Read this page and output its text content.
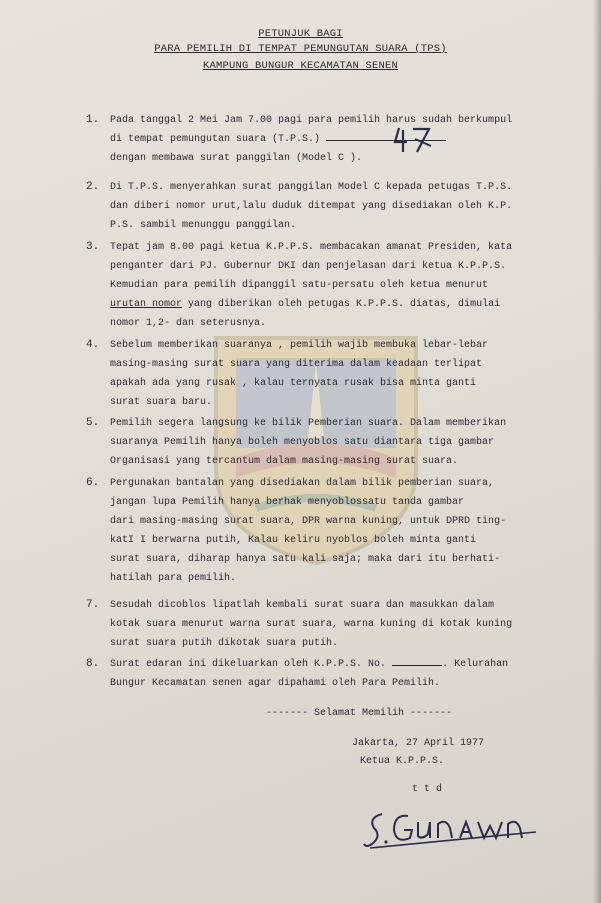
PETUNJUK BAGI
PARA PEMILIH DI TEMPAT PEMUNGUTAN SUARA (TPS)
KAMPUNG BUNGUR KECAMATAN SENEN
1.	Pada tanggal 2 Mei Jam 7.00 pagi para pemilih harus sudah berkumpul
di tempat pemungutan suara (T.P.S.)
dengan membawa surat panggilan (Model C ).
2.	Di T.P.S. menyerahkan surat panggilan Model C kepada petugas T.P.S.
dan diberi nomor urut,lalu duduk ditempat yang disediakan oleh K.P.
P.S. sambil menunggu panggilan.
3.	Tepat jam 8.00 pagi ketua K.P.P.S. membacakan amanat Presiden, kata
penganter dari PJ. Gubernur DKI dan penjelasan dari ketua K.P.P.S.
Kemudian para pemilih dipanggil satu-persatu oleh ketua menurut
urutan nomor yang diberikan oleh petugas K.P.P.S. diatas, dimulai
nomor 1,2- dan seterusnya.
4.	Sebelum memberikan suaranya , pemilih wajib membuka lebar-lebar
masing-masing surat suara yang diterima dalam keadaan terlipat
apakah ada yang rusak , kalau ternyata rusak bisa minta ganti
surat suara baru.
5.	Pemilih segera langsung ke bilik Pemberian suara. Dalam memberikan
suaranya Pemilih hanya boleh menyoblos satu diantara tiga gambar
Organisasi yang tercantum dalam masing-masing surat suara.
6.	Pergunakan bantalan yang disediakan dalam bilik pemberian suara,
jangan lupa Pemilih hanya berhak menyoblossatu tanda gambar
dari masing-masing surat suara, DPR warna kuning, untuk DPRD ting-
katI I berwarna putih, Kalau keliru nyoblos boleh minta ganti
surat suara, diharap hanya satu kali saja; maka dari itu berhati-
hatilah para pemilih.
7.	Sesudah dicoblos lipatlah kembali surat suara dan masukkan dalam
kotak suara menurut warna surat suara, warna kuning di kotak kuning
surat suara putih dikotak suara putih.
8.	Surat edaran ini dikeluarkan oleh K.P.P.S. No.	. Kelurahan
Bungur Kecamatan senen agar dipahami oleh Para Pemilih.
------- Selamat Memilih -------
Jakarta, 27 April 1977
Ketua K.P.P.S.
t t d
